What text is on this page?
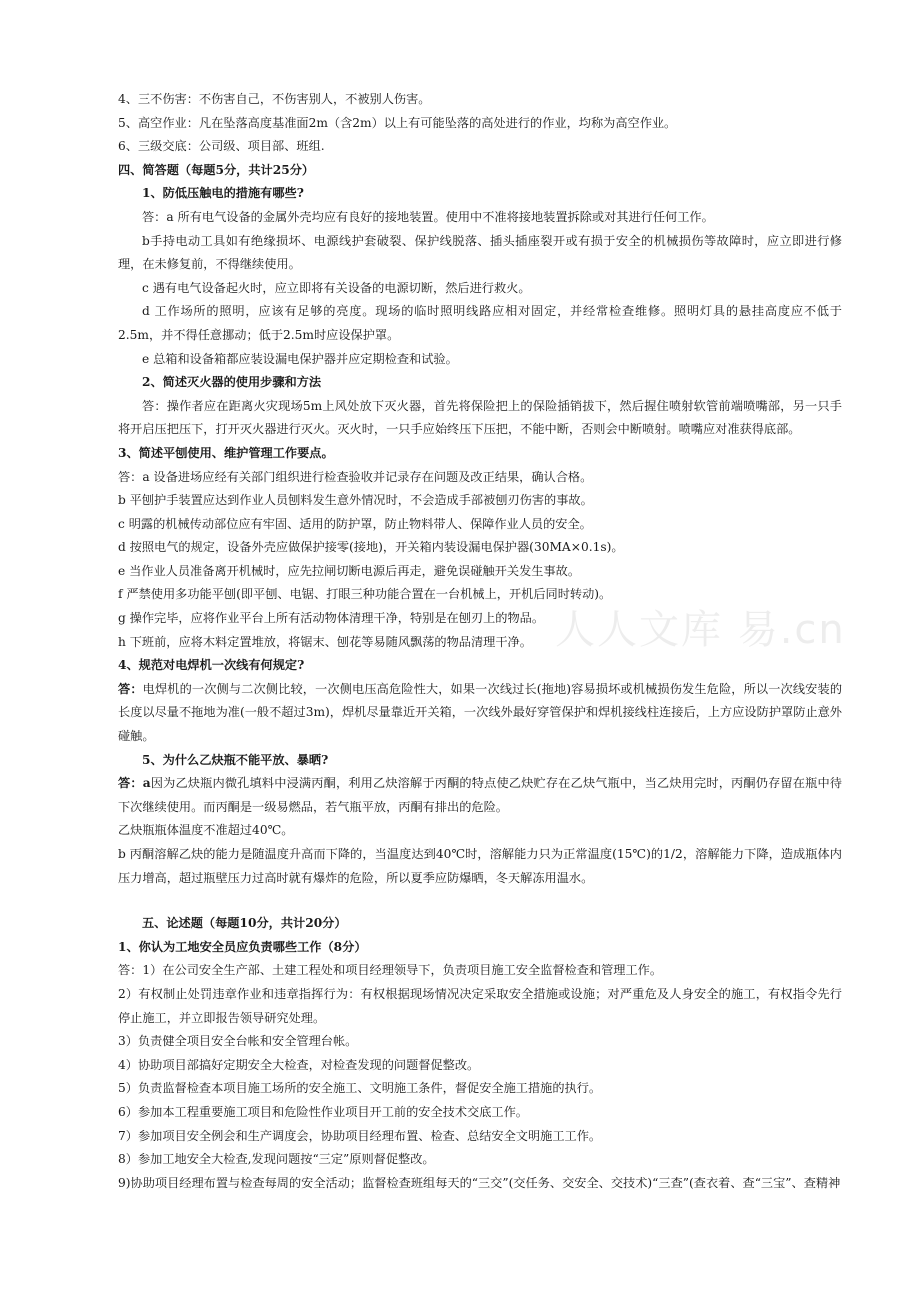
人人文库 易.cn

4、三不伤害：不伤害自己，不伤害别人，不被别人伤害。

5、高空作业：凡在坠落高度基准面2m（含2m）以上有可能坠落的高处进行的作业，均称为高空作业。

6、三级交底：公司级、项目部、班组.

四、简答题（每题5分，共计25分）

1、防低压触电的措施有哪些?

答：a 所有电气设备的金属外壳均应有良好的接地装置。使用中不准将接地装置拆除或对其进行任何工作。

b手持电动工具如有绝缘损坏、电源线护套破裂、保护线脱落、插头插座裂开或有损于安全的机械损伤等故障时，应立即进行修理，在未修复前，不得继续使用。

c 遇有电气设备起火时，应立即将有关设备的电源切断，然后进行救火。

d 工作场所的照明，应该有足够的亮度。现场的临时照明线路应相对固定，并经常检查维修。照明灯具的悬挂高度应不低于2.5m，并不得任意挪动；低于2.5m时应设保护罩。

e 总箱和设备箱都应装设漏电保护器并应定期检查和试验。

2、简述灭火器的使用步骤和方法

答：操作者应在距离火灾现场5m上风处放下灭火器，首先将保险把上的保险插销拔下，然后握住喷射软管前端喷嘴部，另一只手将开启压把压下，打开灭火器进行灭火。灭火时，一只手应始终压下压把，不能中断，否则会中断喷射。喷嘴应对准获得底部。

3、简述平刨使用、维护管理工作要点。

答：a 设备进场应经有关部门组织进行检查验收并记录存在问题及改正结果，确认合格。

b 平刨护手装置应达到作业人员刨料发生意外情况时，不会造成手部被刨刃伤害的事故。

c 明露的机械传动部位应有牢固、适用的防护罩，防止物料带人、保障作业人员的安全。

d 按照电气的规定，设备外壳应做保护接零(接地)，开关箱内装设漏电保护器(30MA×0.1s)。

e 当作业人员准备离开机械时，应先拉闸切断电源后再走，避免误碰触开关发生事故。

f 严禁使用多功能平刨(即平刨、电锯、打眼三种功能合置在一台机械上，开机后同时转动)。

g 操作完毕，应将作业平台上所有活动物体清理干净，特别是在刨刃上的物品。

h 下班前，应将木料定置堆放，将锯末、刨花等易随风飘荡的物品清理干净。

4、规范对电焊机一次线有何规定?

答：电焊机的一次侧与二次侧比较，一次侧电压高危险性大，如果一次线过长(拖地)容易损坏或机械损伤发生危险，所以一次线安装的长度以尽量不拖地为准(一般不超过3m)，焊机尽量靠近开关箱，一次线外最好穿管保护和焊机接线柱连接后，上方应设防护罩防止意外碰触。

5、为什么乙炔瓶不能平放、暴晒?

答：a因为乙炔瓶内微孔填料中浸满丙酮，利用乙炔溶解于丙酮的特点使乙炔贮存在乙炔气瓶中，当乙炔用完时，丙酮仍存留在瓶中待下次继续使用。而丙酮是一级易燃品，若气瓶平放，丙酮有排出的危险。

乙炔瓶瓶体温度不准超过40℃。

b 丙酮溶解乙炔的能力是随温度升高而下降的，当温度达到40℃时，溶解能力只为正常温度(15℃)的1/2，溶解能力下降，造成瓶体内压力增高，超过瓶壁压力过高时就有爆炸的危险，所以夏季应防爆晒，冬天解冻用温水。

五、论述题（每题10分，共计20分）

1、你认为工地安全员应负责哪些工作（8分）

答：1）在公司安全生产部、土建工程处和项目经理领导下，负责项目施工安全监督检查和管理工作。

2）有权制止处罚违章作业和违章指挥行为：有权根据现场情况决定采取安全措施或设施；对严重危及人身安全的施工，有权指令先行停止施工，并立即报告领导研究处理。

3）负责健全项目安全台帐和安全管理台帐。

4）协助项目部搞好定期安全大检查，对检查发现的问题督促整改。

5）负责监督检查本项目施工场所的安全施工、文明施工条件，督促安全施工措施的执行。

6）参加本工程重要施工项目和危险性作业项目开工前的安全技术交底工作。

7）参加项目安全例会和生产调度会，协助项目经理布置、检查、总结安全文明施工工作。

8）参加工地安全大检查,发现问题按“三定”原则督促整改。

9)协助项目经理布置与检查每周的安全活动；监督检查班组每天的“三交”(交任务、交安全、交技术)“三查”(查衣着、查“三宝”、查精神
